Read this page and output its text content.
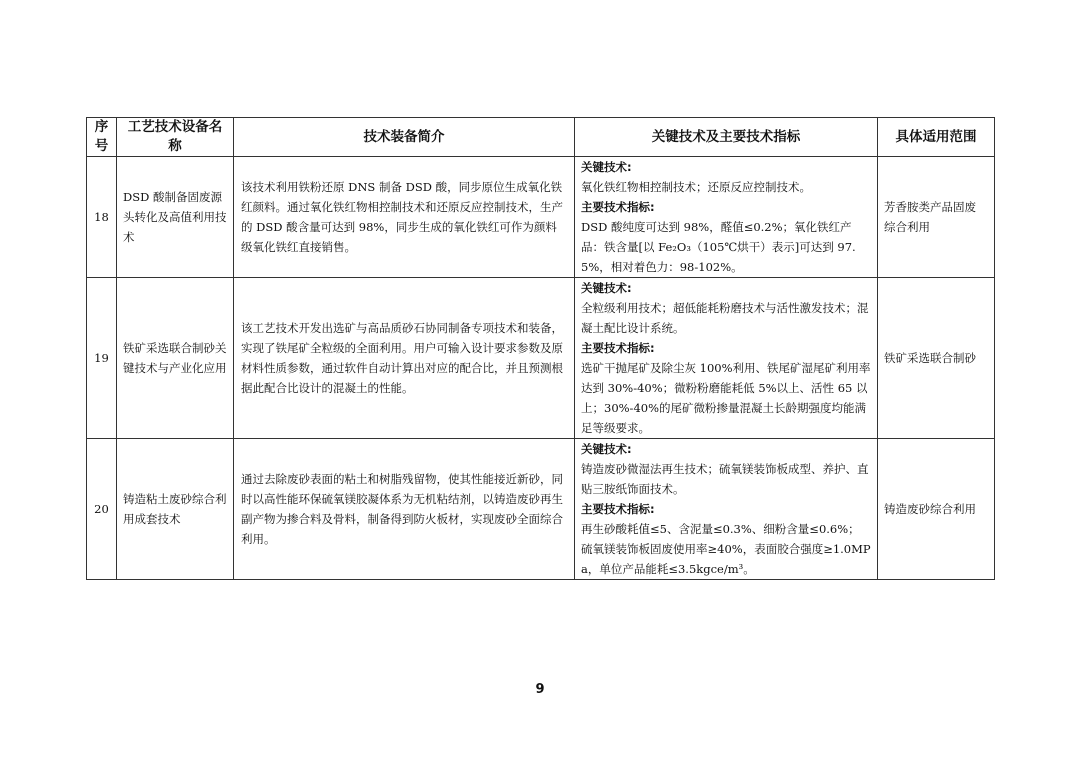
序号	工艺技术设备名称	技术装备简介	关键技术及主要技术指标	具体适用范围
18	DSD 酸制备固废源头转化及高值利用技术	该技术利用铁粉还原 DNS 制备 DSD 酸，同步原位生成氧化铁红颜料。通过氧化铁红物相控制技术和还原反应控制技术，生产的 DSD 酸含量可达到 98%，同步生成的氧化铁红可作为颜料级氧化铁红直接销售。	关键技术:
氧化铁红物相控制技术；还原反应控制技术。
主要技术指标:
DSD 酸纯度可达到 98%，醛值≤0.2%；氧化铁红产品：铁含量[以 Fe₂O₃（105℃烘干）表示]可达到 97.5%，相对着色力：98-102%。	芳香胺类产品固废综合利用
19	铁矿采选联合制砂关键技术与产业化应用	该工艺技术开发出选矿与高品质砂石协同制备专项技术和装备，实现了铁尾矿全粒级的全面利用。用户可输入设计要求参数及原材料性质参数，通过软件自动计算出对应的配合比，并且预测根据此配合比设计的混凝土的性能。	关键技术:
全粒级利用技术；超低能耗粉磨技术与活性激发技术；混凝土配比设计系统。
主要技术指标:
选矿干抛尾矿及除尘灰 100%利用、铁尾矿湿尾矿利用率达到 30%-40%；微粉粉磨能耗低 5%以上、活性 65 以上；30%-40%的尾矿微粉掺量混凝土长龄期强度均能满足等级要求。	铁矿采选联合制砂
20	铸造粘土废砂综合利用成套技术	通过去除废砂表面的粘土和树脂残留物，使其性能接近新砂，同时以高性能环保硫氧镁胶凝体系为无机粘结剂，以铸造废砂再生副产物为掺合料及骨料，制备得到防火板材，实现废砂全面综合利用。	关键技术:
铸造废砂微湿法再生技术；硫氧镁装饰板成型、养护、直贴三胺纸饰面技术。
主要技术指标:
再生砂酸耗值≤5、含泥量≤0.3%、细粉含量≤0.6%；硫氧镁装饰板固废使用率≥40%，表面胶合强度≥1.0MPa，单位产品能耗≤3.5kgce/m³。	铸造废砂综合利用
9
